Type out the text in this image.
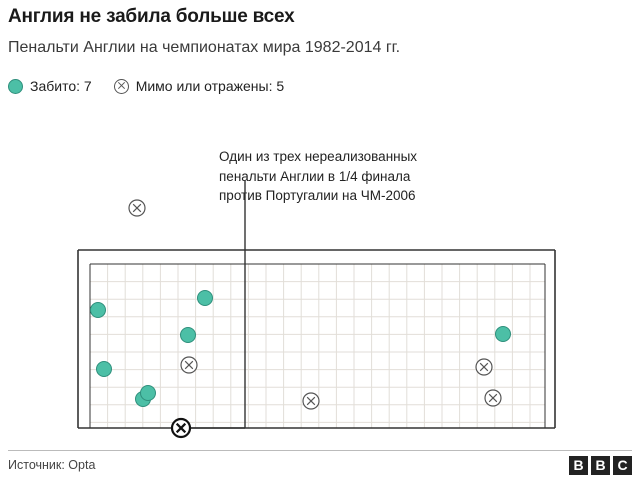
Англия не забила больше всех
Пенальти Англии на чемпионатах мира 1982-2014 гг.
Забито: 7	Мимо или отражены: 5
Один из трех нереализованных
пенальти Англии в 1/4 финала
против Португалии на ЧМ-2006
Источник: Opta	B B C
